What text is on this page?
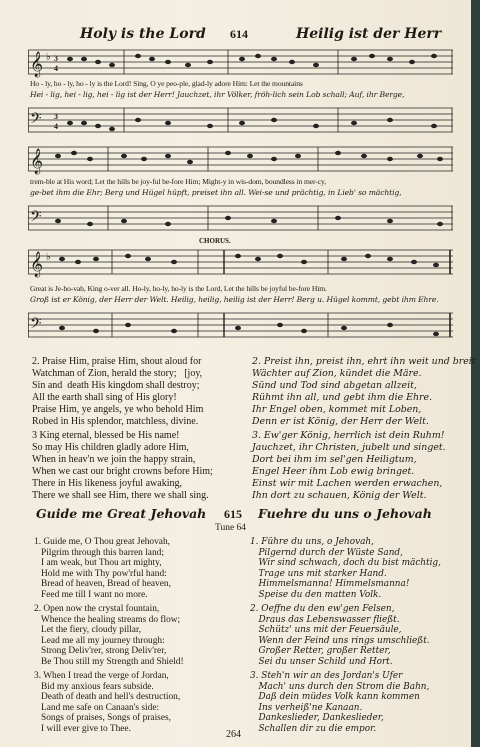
Holy is the Lord 614	Heilig ist der Herr
𝄞 ♭ 3
4
Ho - ly, ho - ly, ho - ly is the Lord! Sing, O ye peo-ple, glad-ly adore Him: Let the mountains
Hei - lig, hei - lig, hei - lig ist der Herr! Jauchzet, ihr Völker, fröh-lich sein Lob schall; Auf, ihr Berge,
𝄢 3
4
𝄞
trem-ble at His word; Let the hills be joy-ful be-fore Him; Might-y in wis-dom, boundless in mer-cy,
ge-bet ihm die Ehr; Berg und Hügel hüpft, preiset ihn all. Wei-se und prächtig, in Lieb' so mächtig,
𝄢
CHORUS.
𝄞 ♭
Great is Je-ho-vah, King o-ver all. Ho-ly, ho-ly, ho-ly is the Lord, Let the hills be joyful be-fore Him.
Groß ist er König, der Herr der Welt. Heilig, heilig, heilig ist der Herr! Berg u. Hügel kommt, gebt ihm Ehre.
𝄢
2. Praise Him, praise Him, shout aloud for
Watchman of Zion, herald the story;   [joy,
Sin and  death His kingdom shall destroy;
All the earth shall sing of His glory!
Praise Him, ye angels, ye who behold Him
Robed in His splendor, matchless, divine.
3 King eternal, blessed be His name!
So may His children gladly adore Him,
When in heav'n we join the happy strain,
When we cast our bright crowns before Him;
There in His likeness joyful awaking,
There we shall see Him, there we shall sing.
2. Preist ihn, preist ihn, ehrt ihn weit und breit
Wächter auf Zion, kündet die Märe.
Sünd und Tod sind abgetan allzeit,
Rühmt ihn all, und gebt ihm die Ehre.
Ihr Engel oben, kommet mit Loben,
Denn er ist König, der Herr der Welt.
3. Ew'ger König, herrlich ist dein Ruhm!
Jauchzet, ihr Christen, jubelt und singet.
Dort bei ihm im sel'gen Heiligtum,
Engel Heer ihm Lob ewig bringet.
Einst wir mit Lachen werden erwachen,
Ihn dort zu schauen, König der Welt.
Guide me Great Jehovah 615 Fuehre du uns o Jehovah
Tune 64
1. Guide me, O Thou great Jehovah,
Pilgrim through this barren land;
I am weak, but Thou art mighty,
Hold me with Thy pow'rful hand:
Bread of heaven, Bread of heaven,
Feed me till I want no more.
2. Open now the crystal fountain,
Whence the healing streams do flow;
Let the fiery, cloudy pillar,
Lead me all my journey through:
Strong Deliv'rer, strong Deliv'rer,
Be Thou still my Strength and Shield!
3. When I tread the verge of Jordan,
Bid my anxious fears subside.
Death of death and hell's destruction,
Land me safe on Canaan's side:
Songs of praises, Songs of praises,
I will ever give to Thee.
1. Führe du uns, o Jehovah,
Pilgernd durch der Wüste Sand,
Wir sind schwach, doch du bist mächtig,
Trage uns mit starker Hand.
Himmelsmanna! Himmelsmanna!
Speise du den matten Volk.
2. Oeffne du den ew'gen Felsen,
Draus das Lebenswasser fließt.
Schütz' uns mit der Feuersäule,
Wenn der Feind uns rings umschließt.
Großer Retter, großer Retter,
Sei du unser Schild und Hort.
3. Steh'n wir an des Jordan's Ufer
Mach' uns durch den Strom die Bahn,
Daß dein müdes Volk kann kommen
Ins verheiß'ne Kanaan.
Dankeslieder, Dankeslieder,
Schallen dir zu die empor.
264
